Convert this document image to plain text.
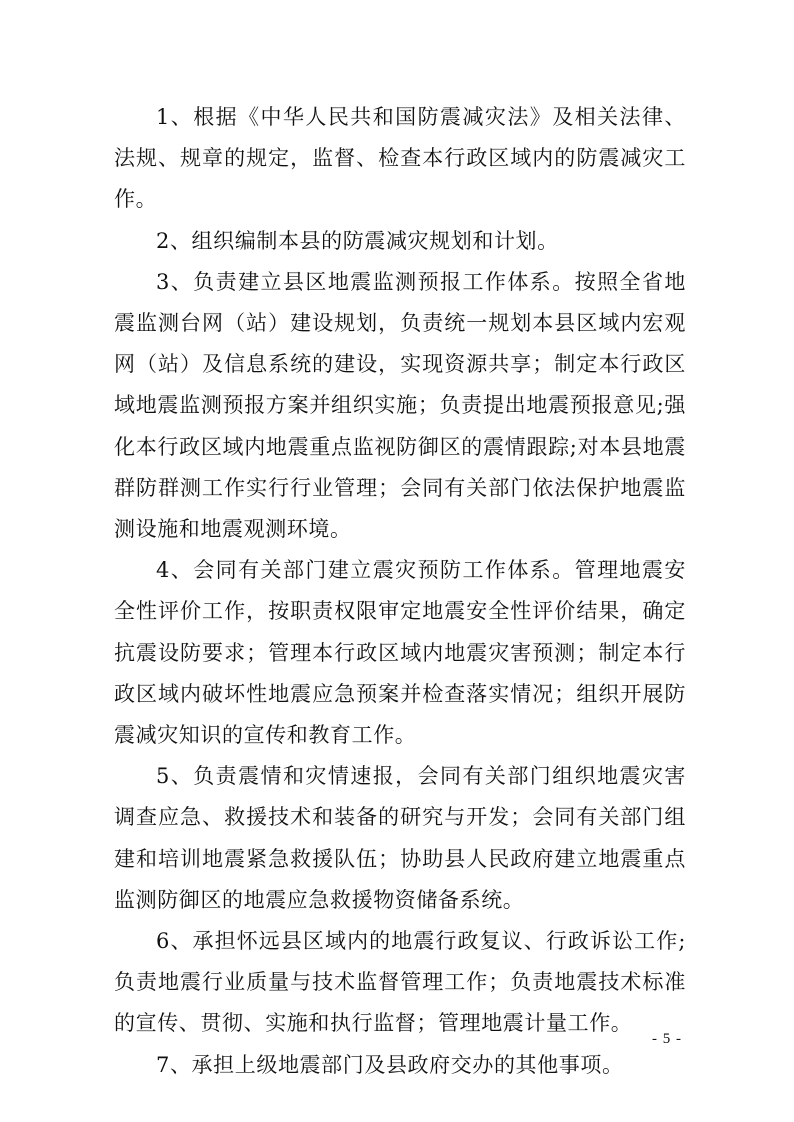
1、根据《中华人民共和国防震减灾法》及相关法律、法规、规章的规定，监督、检查本行政区域内的防震减灾工作。

2、组织编制本县的防震减灾规划和计划。

3、负责建立县区地震监测预报工作体系。按照全省地震监测台网（站）建设规划，负责统一规划本县区域内宏观网（站）及信息系统的建设，实现资源共享；制定本行政区域地震监测预报方案并组织实施；负责提出地震预报意见;强化本行政区域内地震重点监视防御区的震情跟踪;对本县地震群防群测工作实行行业管理；会同有关部门依法保护地震监测设施和地震观测环境。

4、会同有关部门建立震灾预防工作体系。管理地震安全性评价工作，按职责权限审定地震安全性评价结果，确定抗震设防要求；管理本行政区域内地震灾害预测；制定本行政区域内破坏性地震应急预案并检查落实情况；组织开展防震减灾知识的宣传和教育工作。

5、负责震情和灾情速报，会同有关部门组织地震灾害调查应急、救援技术和装备的研究与开发；会同有关部门组建和培训地震紧急救援队伍；协助县人民政府建立地震重点监测防御区的地震应急救援物资储备系统。

6、承担怀远县区域内的地震行政复议、行政诉讼工作;负责地震行业质量与技术监督管理工作；负责地震技术标准的宣传、贯彻、实施和执行监督；管理地震计量工作。

7、承担上级地震部门及县政府交办的其他事项。

- 5 -
